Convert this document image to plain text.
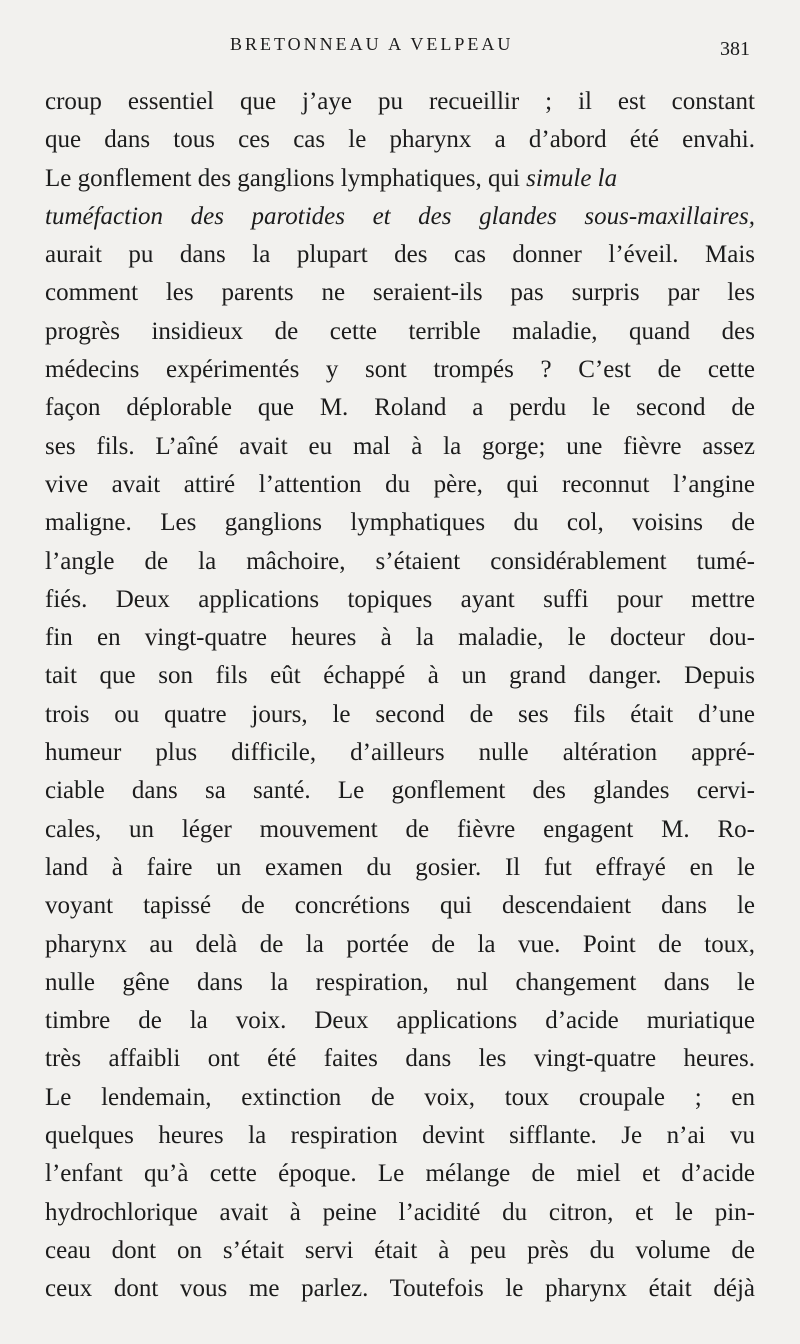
BRETONNEAU A VELPEAU	381
croup essentiel que j’aye pu recueillir ; il est constant
que dans tous ces cas le pharynx a d’abord été envahi.
Le gonflement des ganglions lymphatiques, qui simule la
tuméfaction des parotides et des glandes sous-maxillaires,
aurait pu dans la plupart des cas donner l’éveil. Mais
comment les parents ne seraient-ils pas surpris par les
progrès insidieux de cette terrible maladie, quand des
médecins expérimentés y sont trompés ? C’est de cette
façon déplorable que M. Roland a perdu le second de
ses fils. L’aîné avait eu mal à la gorge; une fièvre assez
vive avait attiré l’attention du père, qui reconnut l’angine
maligne. Les ganglions lymphatiques du col, voisins de
l’angle de la mâchoire, s’étaient considérablement tumé-
fiés. Deux applications topiques ayant suffi pour mettre
fin en vingt-quatre heures à la maladie, le docteur dou-
tait que son fils eût échappé à un grand danger. Depuis
trois ou quatre jours, le second de ses fils était d’une
humeur plus difficile, d’ailleurs nulle altération appré-
ciable dans sa santé. Le gonflement des glandes cervi-
cales, un léger mouvement de fièvre engagent M. Ro-
land à faire un examen du gosier. Il fut effrayé en le
voyant tapissé de concrétions qui descendaient dans le
pharynx au delà de la portée de la vue. Point de toux,
nulle gêne dans la respiration, nul changement dans le
timbre de la voix. Deux applications d’acide muriatique
très affaibli ont été faites dans les vingt-quatre heures.
Le lendemain, extinction de voix, toux croupale ; en
quelques heures la respiration devint sifflante. Je n’ai vu
l’enfant qu’à cette époque. Le mélange de miel et d’acide
hydrochlorique avait à peine l’acidité du citron, et le pin-
ceau dont on s’était servi était à peu près du volume de
ceux dont vous me parlez. Toutefois le pharynx était déjà
